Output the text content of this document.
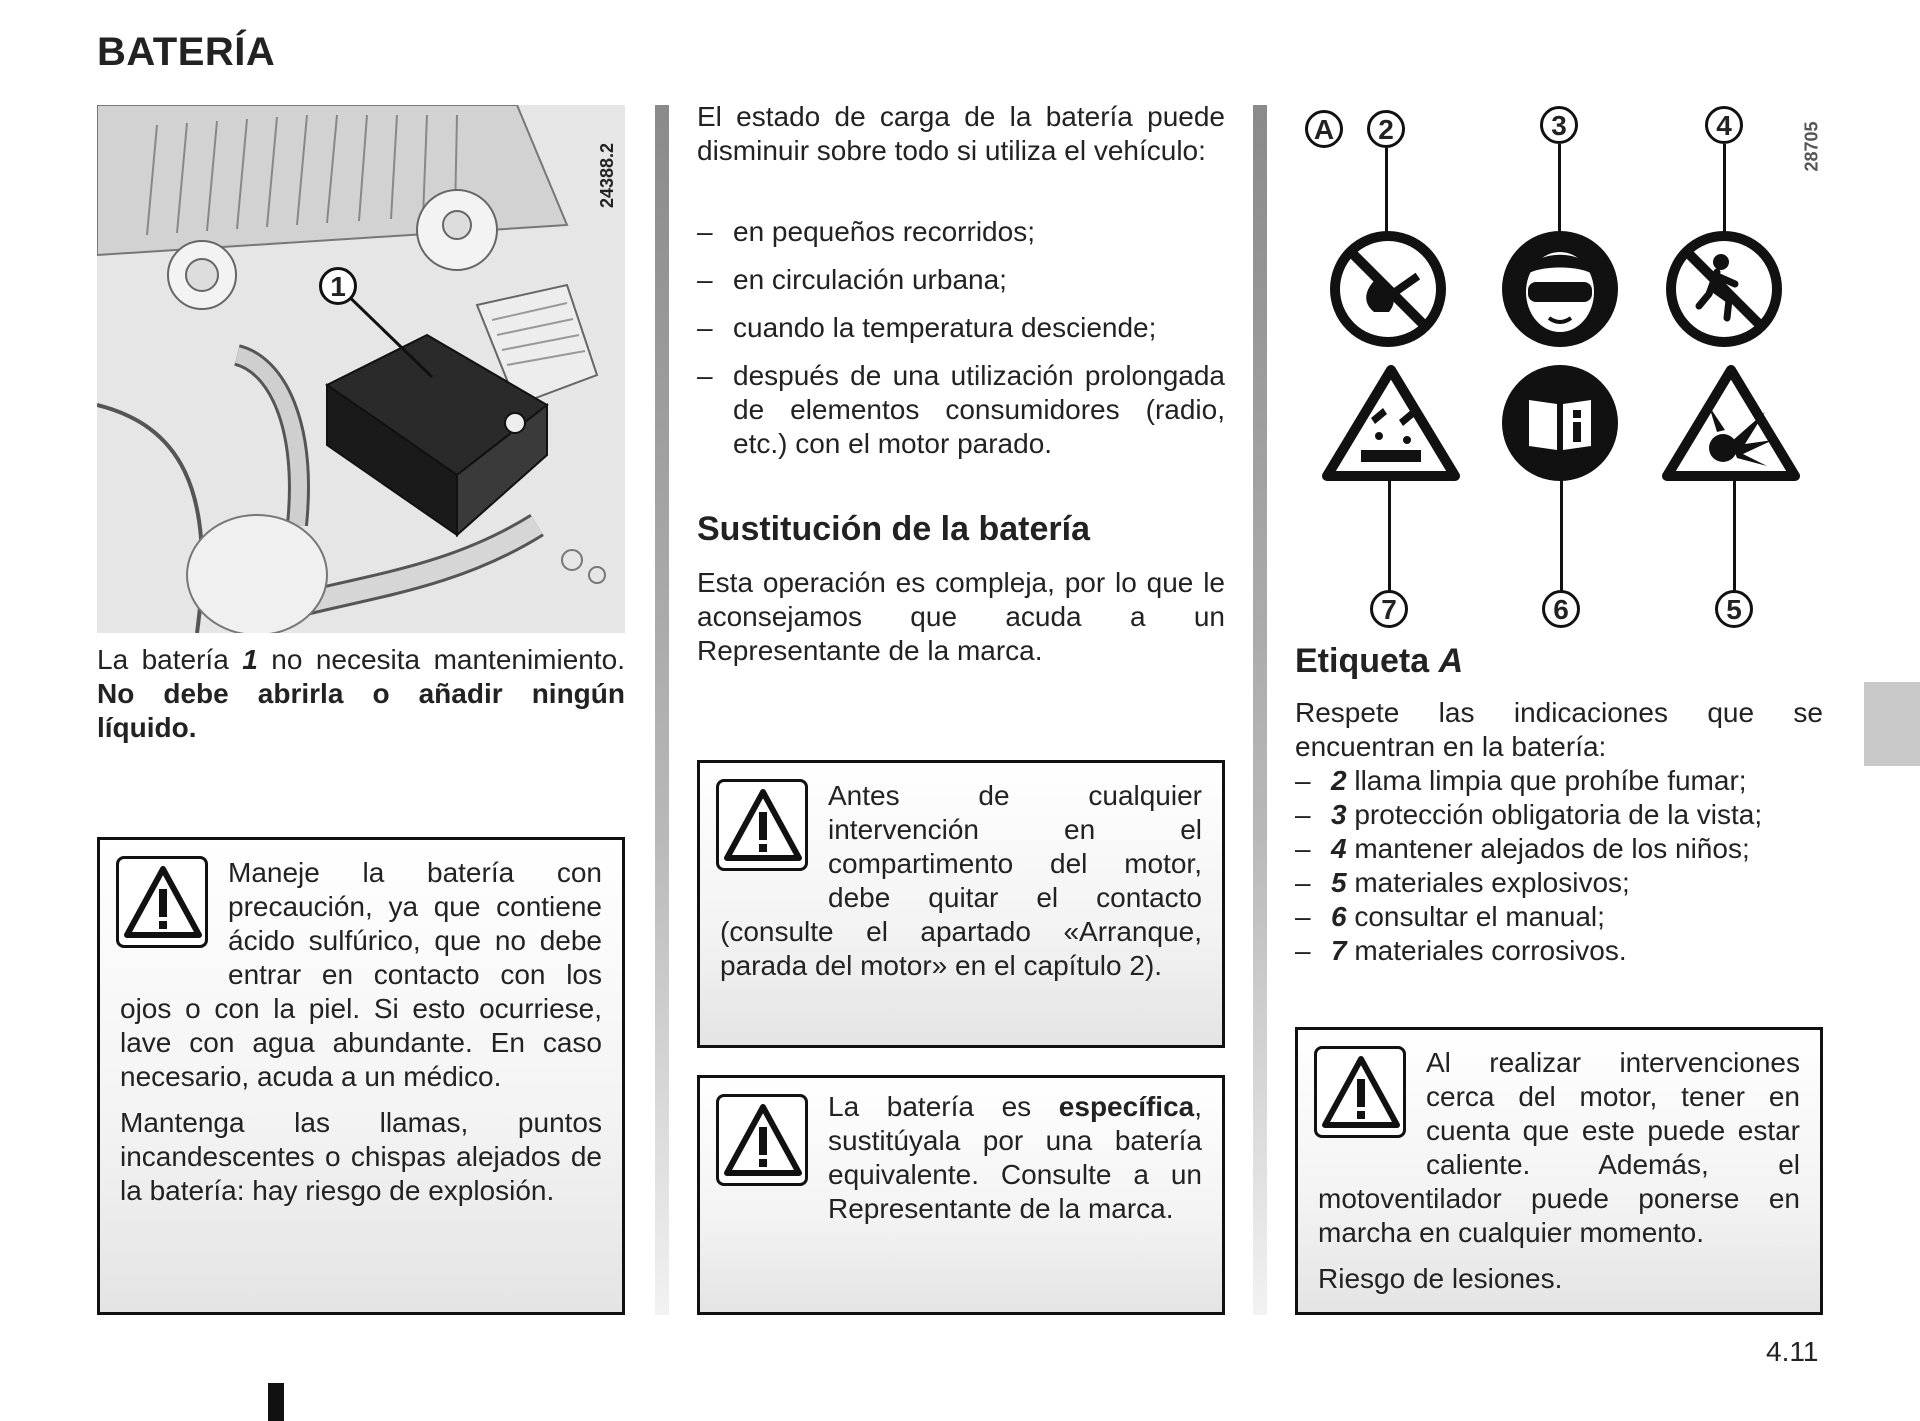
BATERÍA
1
24388.2
La batería 1 no necesita mantenimiento. No debe abrirla o añadir ningún líquido.

Maneje la batería con precaución, ya que contiene ácido sulfúrico, que no debe entrar en contacto con los ojos o con la piel. Si esto ocurriese, lave con agua abundante. En caso necesario, acuda a un médico.

Mantenga las llamas, puntos incandescentes o chispas alejados de la batería: hay riesgo de explosión.

El estado de carga de la batería puede disminuir sobre todo si utiliza el vehículo:
– en pequeños recorridos;
– en circulación urbana;
– cuando la temperatura desciende;
– después de una utilización prolongada de elementos consumidores (radio, etc.) con el motor parado.
Sustitución de la batería
Esta operación es compleja, por lo que le aconsejamos que acuda a un Representante de la marca.

Antes de cualquier intervención en el compartimento del motor, debe quitar el contacto (consulte el apartado «Arranque, parada del motor» en el capítulo 2).

La batería es específica, sustitúyala por una batería equivalente. Consulte a un Representante de la marca.

A	2	3	4
7	6	5
28705
Etiqueta A
Respete las indicaciones que se encuentran en la batería:
– 2 llama limpia que prohíbe fumar;
– 3 protección obligatoria de la vista;
– 4 mantener alejados de los niños;
– 5 materiales explosivos;
– 6 consultar el manual;
– 7 materiales corrosivos.

Al realizar intervenciones cerca del motor, tener en cuenta que este puede estar caliente. Además, el motoventilador puede ponerse en marcha en cualquier momento.

Riesgo de lesiones.

4.11
